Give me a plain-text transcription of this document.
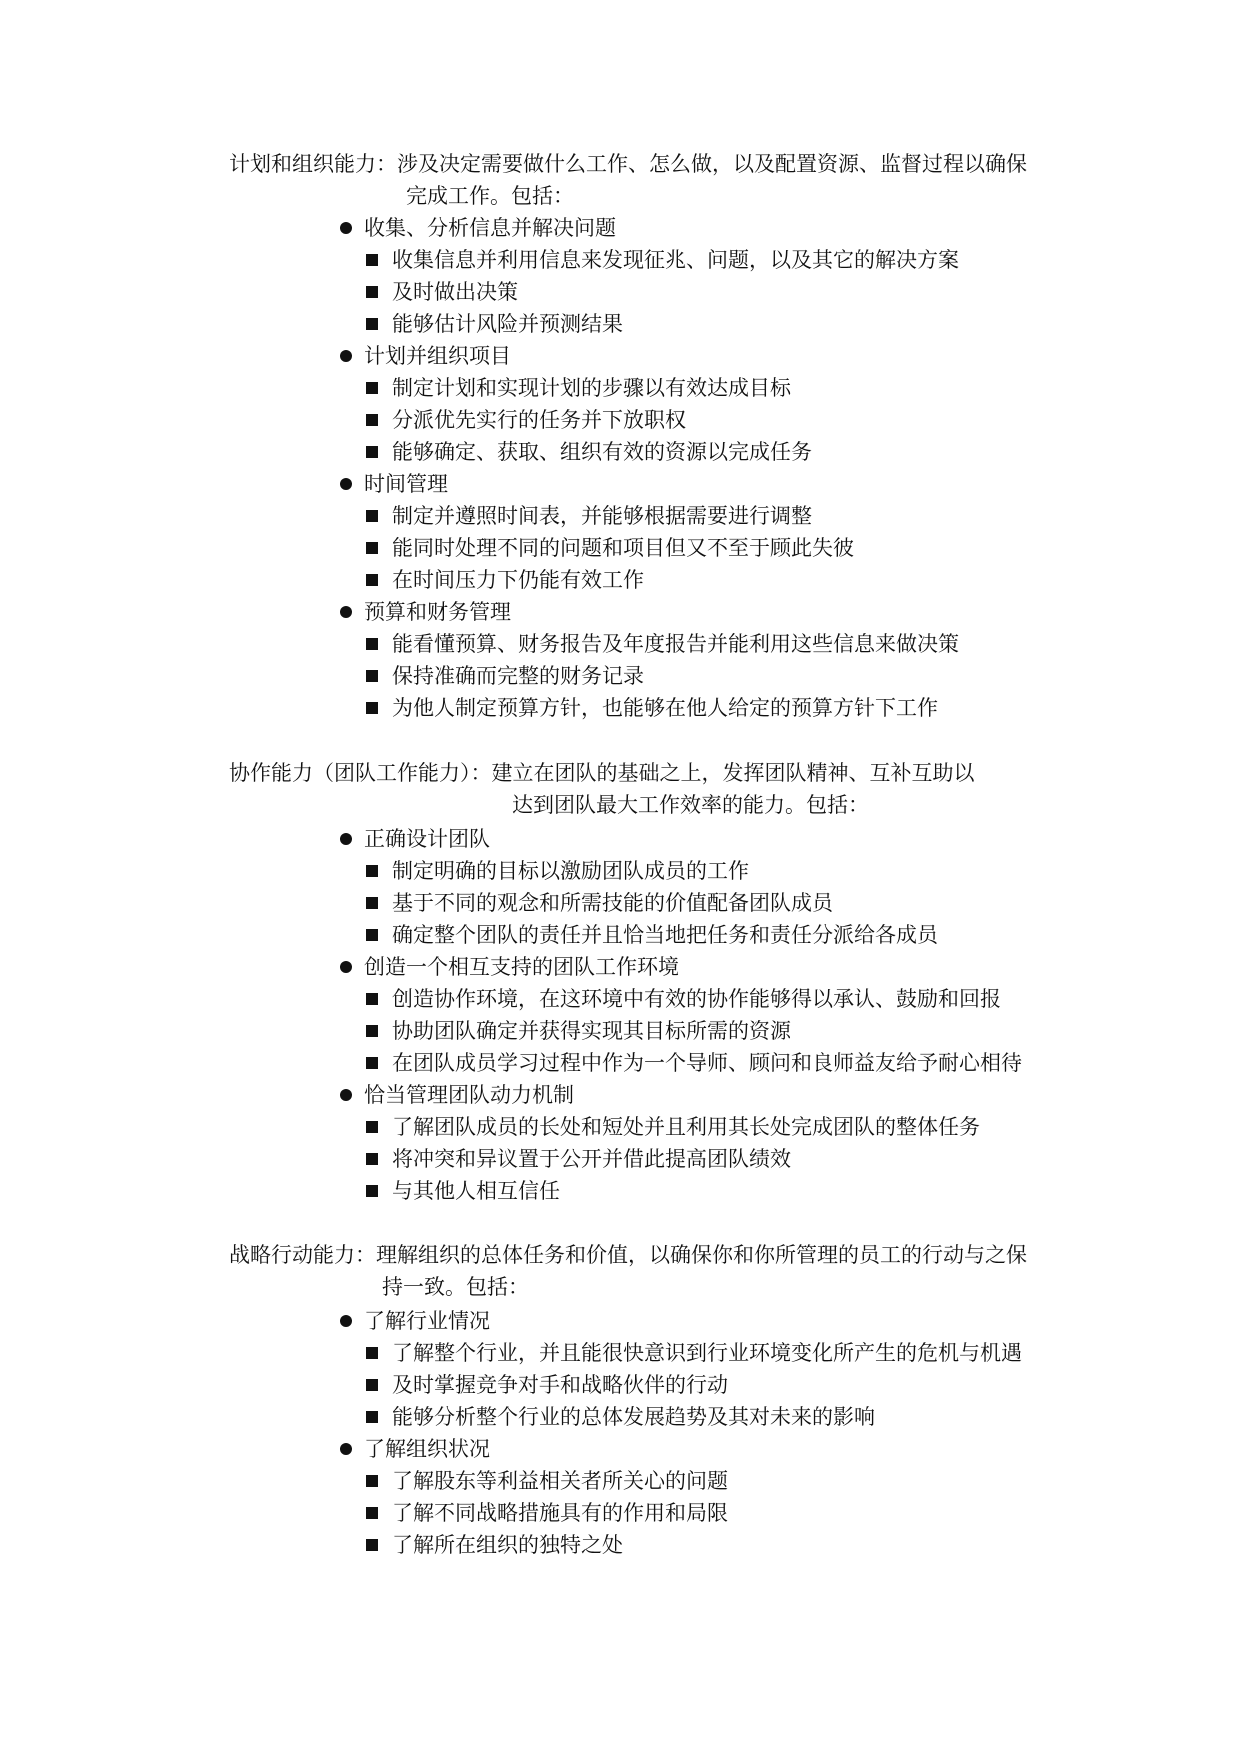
计划和组织能力：涉及决定需要做什么工作、怎么做，以及配置资源、监督过程以确保
完成工作。包括：
收集、分析信息并解决问题
收集信息并利用信息来发现征兆、问题，以及其它的解决方案
及时做出决策
能够估计风险并预测结果
计划并组织项目
制定计划和实现计划的步骤以有效达成目标
分派优先实行的任务并下放职权
能够确定、获取、组织有效的资源以完成任务
时间管理
制定并遵照时间表，并能够根据需要进行调整
能同时处理不同的问题和项目但又不至于顾此失彼
在时间压力下仍能有效工作
预算和财务管理
能看懂预算、财务报告及年度报告并能利用这些信息来做决策
保持准确而完整的财务记录
为他人制定预算方针，也能够在他人给定的预算方针下工作
协作能力（团队工作能力）：建立在团队的基础之上，发挥团队精神、互补互助以
达到团队最大工作效率的能力。包括：
正确设计团队
制定明确的目标以激励团队成员的工作
基于不同的观念和所需技能的价值配备团队成员
确定整个团队的责任并且恰当地把任务和责任分派给各成员
创造一个相互支持的团队工作环境
创造协作环境，在这环境中有效的协作能够得以承认、鼓励和回报
协助团队确定并获得实现其目标所需的资源
在团队成员学习过程中作为一个导师、顾问和良师益友给予耐心相待
恰当管理团队动力机制
了解团队成员的长处和短处并且利用其长处完成团队的整体任务
将冲突和异议置于公开并借此提高团队绩效
与其他人相互信任
战略行动能力：理解组织的总体任务和价值，以确保你和你所管理的员工的行动与之保
持一致。包括：
了解行业情况
了解整个行业，并且能很快意识到行业环境变化所产生的危机与机遇
及时掌握竞争对手和战略伙伴的行动
能够分析整个行业的总体发展趋势及其对未来的影响
了解组织状况
了解股东等利益相关者所关心的问题
了解不同战略措施具有的作用和局限
了解所在组织的独特之处
